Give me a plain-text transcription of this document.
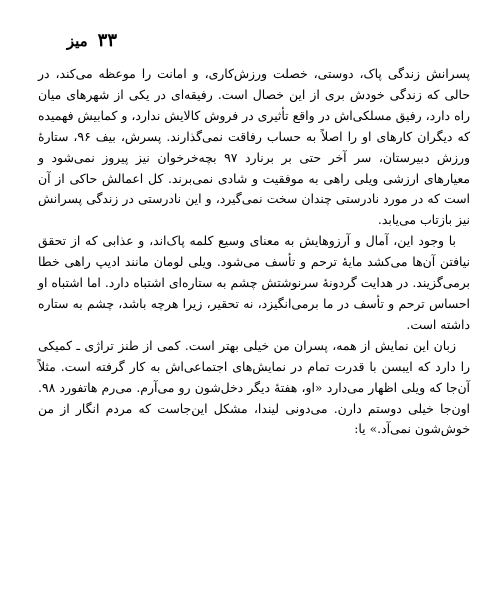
۳۳میز

پسرانش زندگی پاک، دوستی، خصلت ورزش‌کاری، و امانت را موعظه می‌کند، در حالی که زندگی خودش بری از این خصال است. رفیقه‌ای در یکی از شهرهای میان راه دارد، رفیق مسلکی‌اش در واقع تأثیری در فروش کالایش ندارد، و کمابیش فهمیده که دیگران کارهای او را اصلاً به حساب رفاقت نمی‌گذارند. پسرش، بیف ۹۶، ستارهٔ ورزش دبیرستان، سر آخر حتی بر برنارد ۹۷ بچه‌خرخوان نیز پیروز نمی‌شود و معیارهای ارزشی ویلی راهی به موفقیت و شادی نمی‌برند. کل اعمالش حاکی از آن است که در مورد نادرستی چندان سخت نمی‌گیرد، و این نادرستی در زندگی پسرانش نیز بازتاب می‌یابد.

با وجود این، آمال و آرزوهایش به معنای وسیع کلمه پاک‌اند، و عذابی که از تحقق نیافتن آن‌ها می‌کشد مایهٔ ترحم و تأسف می‌شود. ویلی لومان مانند ادیپ راهی خطا برمی‌گزیند. در هدایت گردونهٔ سرنوشتش چشم به ستاره‌ای اشتباه دارد. اما اشتباه او احساس ترحم و تأسف در ما برمی‌انگیزد، نه تحقیر، زیرا هرچه باشد، چشم به ستاره داشته است.

زبان این نمایش از همه، پسران من خیلی بهتر است. کمی از طنز تراژی ـ کمیکی را دارد که ایبسن با قدرت تمام در نمایش‌های اجتماعی‌اش به کار گرفته است. مثلاً آن‌جا که ویلی اظهار می‌دارد «او، هفتهٔ دیگر دخل‌شون رو می‌آرم. می‌رم هاتفورد ۹۸. اون‌جا خیلی دوستم دارن. می‌دونی لیندا، مشکل این‌جاست که مردم انگار از من خوش‌شون نمی‌آد.» یا:
